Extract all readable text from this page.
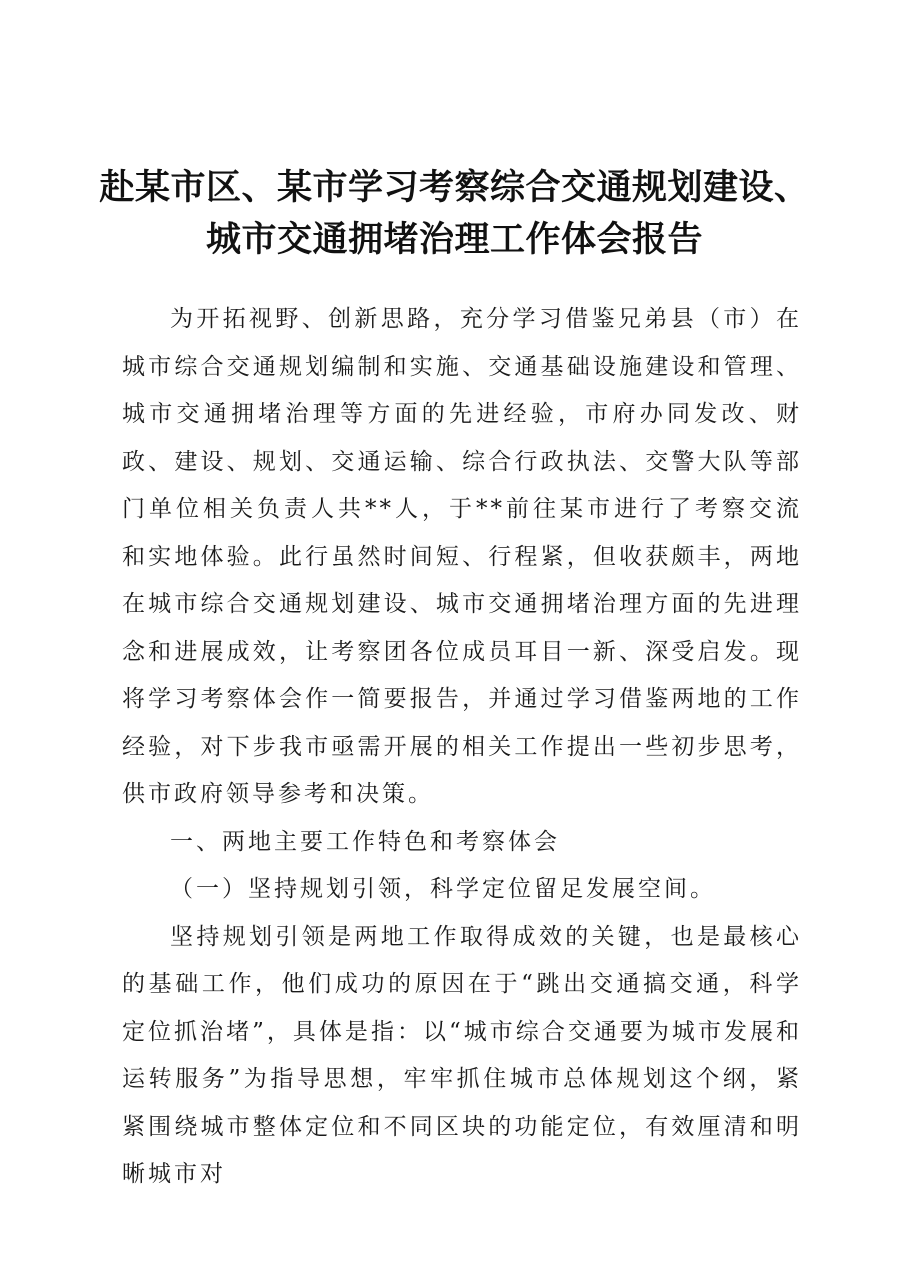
赴某市区、某市学习考察综合交通规划建设、
城市交通拥堵治理工作体会报告

为开拓视野、创新思路，充分学习借鉴兄弟县（市）在城市综合交通规划编制和实施、交通基础设施建设和管理、城市交通拥堵治理等方面的先进经验，市府办同发改、财政、建设、规划、交通运输、综合行政执法、交警大队等部门单位相关负责人共**人，于**前往某市进行了考察交流和实地体验。此行虽然时间短、行程紧，但收获颇丰，两地在城市综合交通规划建设、城市交通拥堵治理方面的先进理念和进展成效，让考察团各位成员耳目一新、深受启发。现将学习考察体会作一简要报告，并通过学习借鉴两地的工作经验，对下步我市亟需开展的相关工作提出一些初步思考，供市政府领导参考和决策。

一、两地主要工作特色和考察体会

（一）坚持规划引领，科学定位留足发展空间。

坚持规划引领是两地工作取得成效的关键，也是最核心的基础工作，他们成功的原因在于“跳出交通搞交通，科学定位抓治堵”，具体是指：以“城市综合交通要为城市发展和运转服务”为指导思想，牢牢抓住城市总体规划这个纲，紧紧围绕城市整体定位和不同区块的功能定位，有效厘清和明晰城市对
